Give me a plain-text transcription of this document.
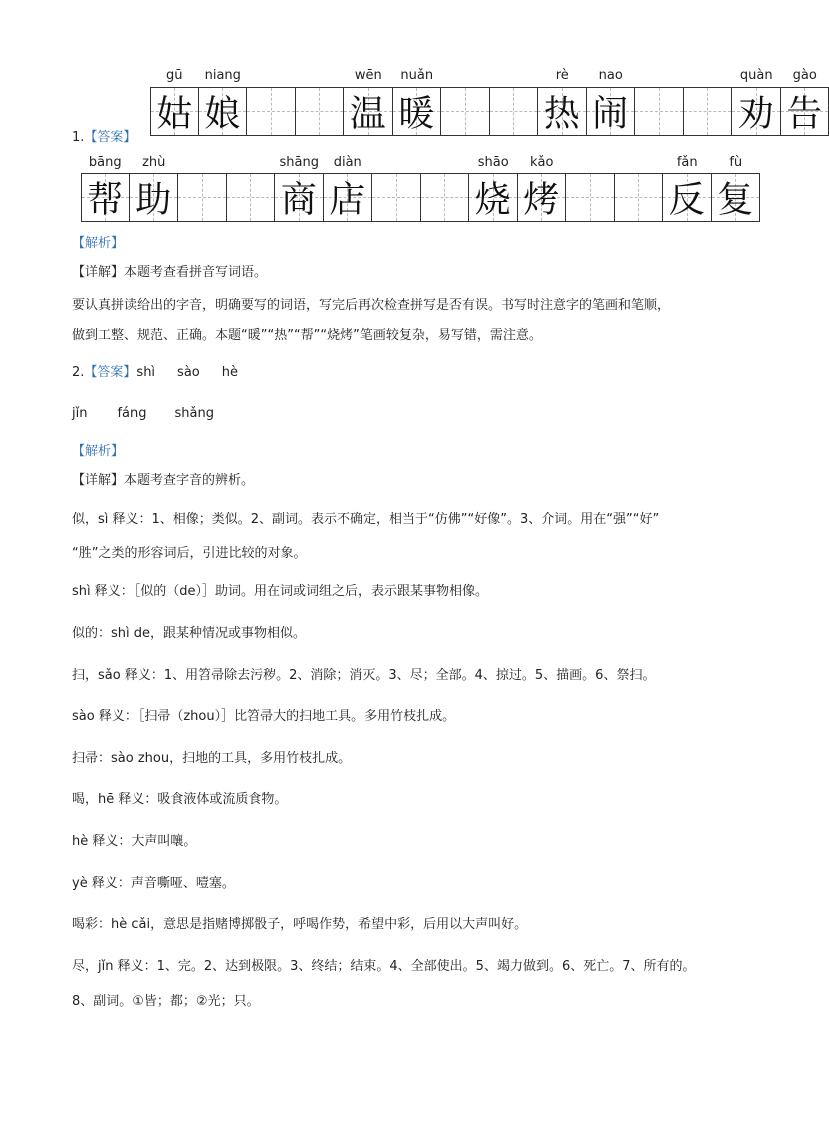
gū niang	wēn nuǎn	rè nao	quàn gào
姑 娘	温 暖	热 闹	劝 告
1.【答案】
bāng zhù	shāng diàn	shāo kǎo	fǎn fù
帮 助	商 店	烧 烤	反 复
【解析】
【详解】本题考查看拼音写词语。
要认真拼读给出的字音，明确要写的词语，写完后再次检查拼写是否有误。书写时注意字的笔画和笔顺，
做到工整、规范、正确。本题“暖”“热”“帮”“烧烤”笔画较复杂，易写错，需注意。
2.【答案】shì sào hè
jǐn fáng shǎng
【解析】
【详解】本题考查字音的辨析。
似，sì 释义：1、相像；类似。2、副词。表示不确定，相当于“仿佛”“好像”。3、介词。用在“强”“好”
“胜”之类的形容词后，引进比较的对象。
shì 释义：［似的（de）］助词。用在词或词组之后，表示跟某事物相像。
似的：shì de，跟某种情况或事物相似。
扫，sǎo 释义：1、用笤帚除去污秽。2、消除；消灭。3、尽；全部。4、掠过。5、描画。6、祭扫。
sào 释义：［扫帚（zhou）］比笤帚大的扫地工具。多用竹枝扎成。
扫帚：sào zhou，扫地的工具，多用竹枝扎成。
喝，hē 释义：吸食液体或流质食物。
hè 释义：大声叫嚷。
yè 释义：声音嘶哑、噎塞。
喝彩：hè cǎi，意思是指赌博掷骰子，呼喝作势，希望中彩，后用以大声叫好。
尽，jǐn 释义：1、完。2、达到极限。3、终结；结束。4、全部使出。5、竭力做到。6、死亡。7、所有的。
8、副词。①皆；都；②光；只。
